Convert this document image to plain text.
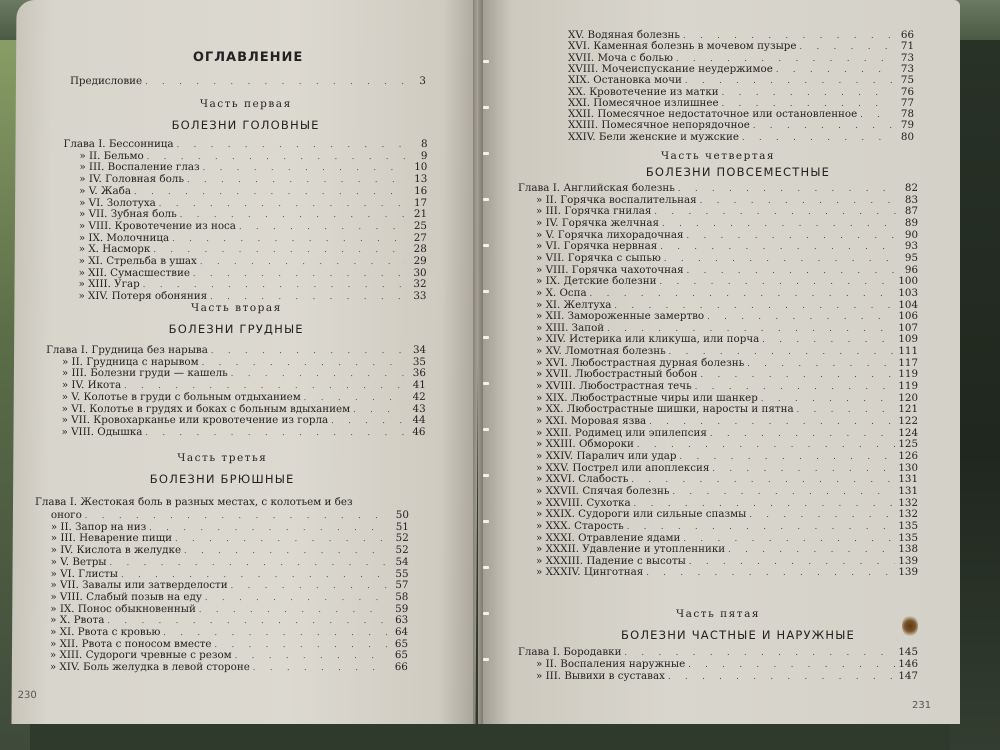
ОГЛАВЛЕНИЕ
Предисловие . . .	3
Часть первая
БОЛЕЗНИ ГОЛОВНЫЕ
Глава I. Бессонница . . .	8
» II. Бельмо . . .	9
» III. Воспаление глаз . . .	10
» IV. Головная боль . . .	13
» V. Жаба . . .	16
» VI. Золотуха . . .	17
» VII. Зубная боль . . .	21
» VIII. Кровотечение из носа . . .	25
» IX. Молочница . . .	27
» X. Насморк . . .	28
» XI. Стрельба в ушах . . .	29
» XII. Сумасшествие . . .	30
» XIII. Угар . . .	32
» XIV. Потеря обоняния . . .	33
Часть вторая
БОЛЕЗНИ ГРУДНЫЕ
Глава I. Грудница без нарыва . . .	34
» II. Грудница с нарывом . . .	35
» III. Болезни груди — кашель . . .	36
» IV. Икота . . .	41
» V. Колотье в груди с больным отдыханием . . .	42
» VI. Колотье в грудях и боках с больным вдыханием . . .	43
» VII. Кровохарканье или кровотечение из горла . . .	44
» VIII. Одышка . . .	46
Часть третья
БОЛЕЗНИ БРЮШНЫЕ
Глава I. Жестокая боль в разных местах, с колотьем и без
оного . . .	50
» II. Запор на низ . . .	51
» III. Неварение пищи . . .	52
» IV. Кислота в желудке . . .	52
» V. Ветры . . .	54
» VI. Глисты . . .	55
» VII. Завалы или затверделости . . .	57
» VIII. Слабый позыв на еду . . .	58
» IX. Понос обыкновенный . . .	59
» X. Рвота . . .	63
» XI. Рвота с кровью . . .	64
» XII. Рвота с поносом вместе . . .	65
» XIII. Судороги чревные с резом . . .	65
» XIV. Боль желудка в левой стороне . . .	66
230
XV. Водяная болезнь . . .	66
XVI. Каменная болезнь в мочевом пузыре . . .	71
XVII. Моча с болью . . .	73
XVIII. Мочеиспускание неудержимое . . .	73
XIX. Остановка мочи . . .	75
XX. Кровотечение из матки . . .	76
XXI. Помесячное излишнее . . .	77
XXII. Помесячное недостаточное или остановленное . . .	78
XXIII. Помесячное непорядочное . . .	79
XXIV. Бели женские и мужские . . .	80
Часть четвертая
БОЛЕЗНИ ПОВСЕМЕСТНЫЕ
Глава I. Английская болезнь . . .	82
» II. Горячка воспалительная . . .	83
» III. Горячка гнилая . . .	87
» IV. Горячка желчная . . .	89
» V. Горячка лихорадочная . . .	90
» VI. Горячка нервная . . .	93
» VII. Горячка с сыпью . . .	95
» VIII. Горячка чахоточная . . .	96
» IX. Детские болезни . . .	100
» X. Оспа . . .	103
» XI. Желтуха . . .	104
» XII. Замороженные замертво . . .	106
» XIII. Запой . . .	107
» XIV. Истерика или кликуша, или порча . . .	109
» XV. Ломотная болезнь . . .	111
» XVI. Любострастная дурная болезнь . . .	117
» XVII. Любострастный бобон . . .	119
» XVIII. Любострастная течь . . .	119
» XIX. Любострастные чиры или шанкер . . .	120
» XX. Любострастные шишки, наросты и пятна . . .	121
» XXI. Моровая язва . . .	122
» XXII. Родимец или эпилепсия . . .	124
» XXIII. Обмороки . . .	125
» XXIV. Паралич или удар . . .	126
» XXV. Пострел или апоплексия . . .	130
» XXVI. Слабость . . .	131
» XXVII. Спячая болезнь . . .	131
» XXVIII. Сухотка . . .	132
» XXIX. Судороги или сильные спазмы . . .	132
» XXX. Старость . . .	135
» XXXI. Отравление ядами . . .	135
» XXXII. Удавление и утопленники . . .	138
» XXXIII. Падение с высоты . . .	139
» XXXIV. Цинготная . . .	139
Часть пятая
БОЛЕЗНИ ЧАСТНЫЕ И НАРУЖНЫЕ
Глава I. Бородавки . . .	145
» II. Воспаления наружные . . .	146
» III. Вывихи в суставах . . .	147
231
